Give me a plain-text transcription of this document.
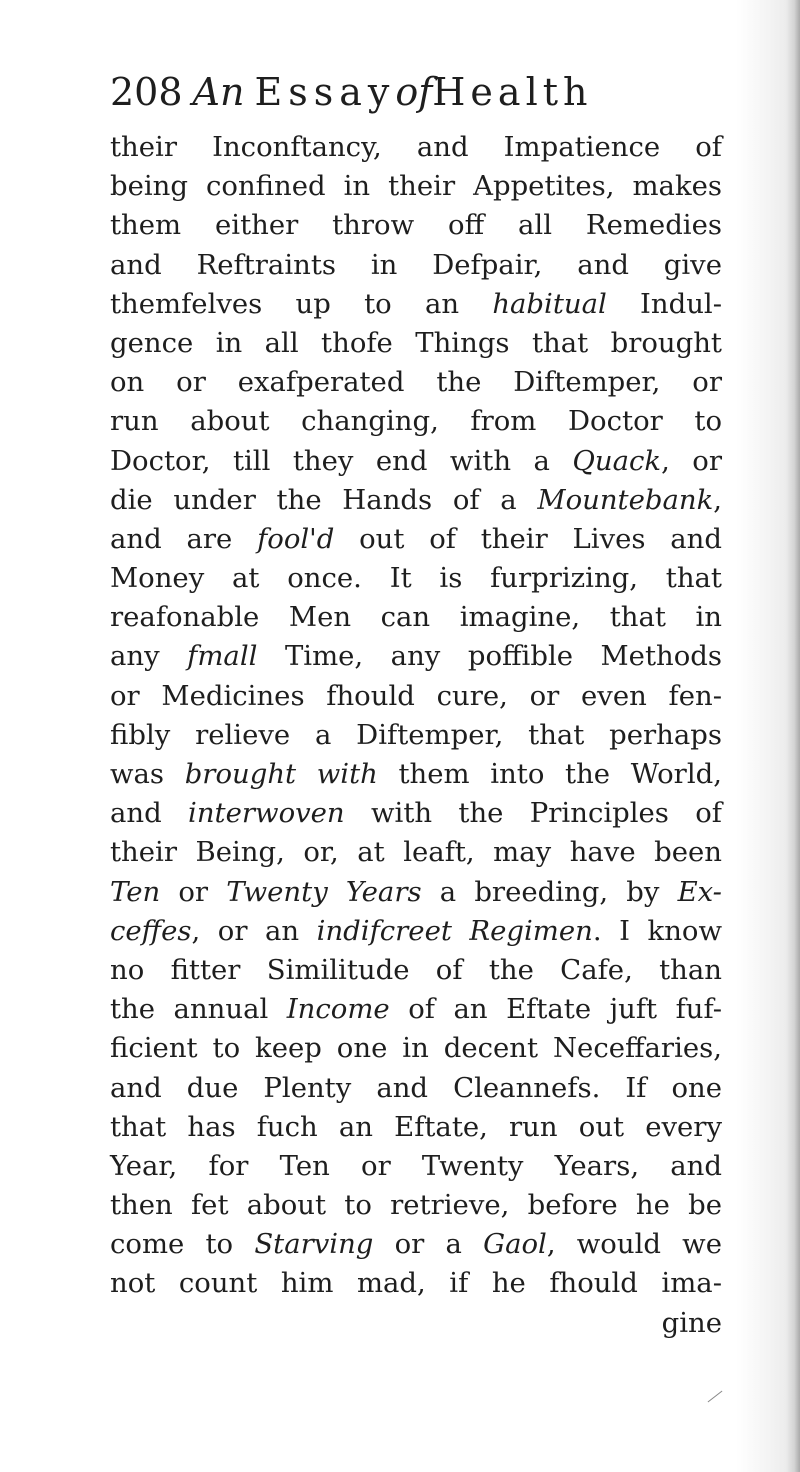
208 An EssayofHealth
their Inconftancy, and Impatience of
being confined in their Appetites, makes
them either throw off all Remedies
and Reftraints in Defpair, and give
themfelves up to an habitual Indul-
gence in all thofe Things that brought
on or exafperated the Diftemper, or
run about changing, from Doctor to
Doctor, till they end with a Quack, or
die under the Hands of a Mountebank,
and are fool'd out of their Lives and
Money at once. It is furprizing, that
reafonable Men can imagine, that in
any fmall Time, any poffible Methods
or Medicines fhould cure, or even fen-
fibly relieve a Diftemper, that perhaps
was brought with them into the World,
and interwoven with the Principles of
their Being, or, at leaft, may have been
Ten or Twenty Years a breeding, by Ex-
ceffes, or an indifcreet Regimen. I know
no fitter Similitude of the Cafe, than
the annual Income of an Eftate juft fuf-
ficient to keep one in decent Neceffaries,
and due Plenty and Cleannefs. If one
that has fuch an Eftate, run out every
Year, for Ten or Twenty Years, and
then fet about to retrieve, before he be
come to Starving or a Gaol, would we
not count him mad, if he fhould ima-
gine
